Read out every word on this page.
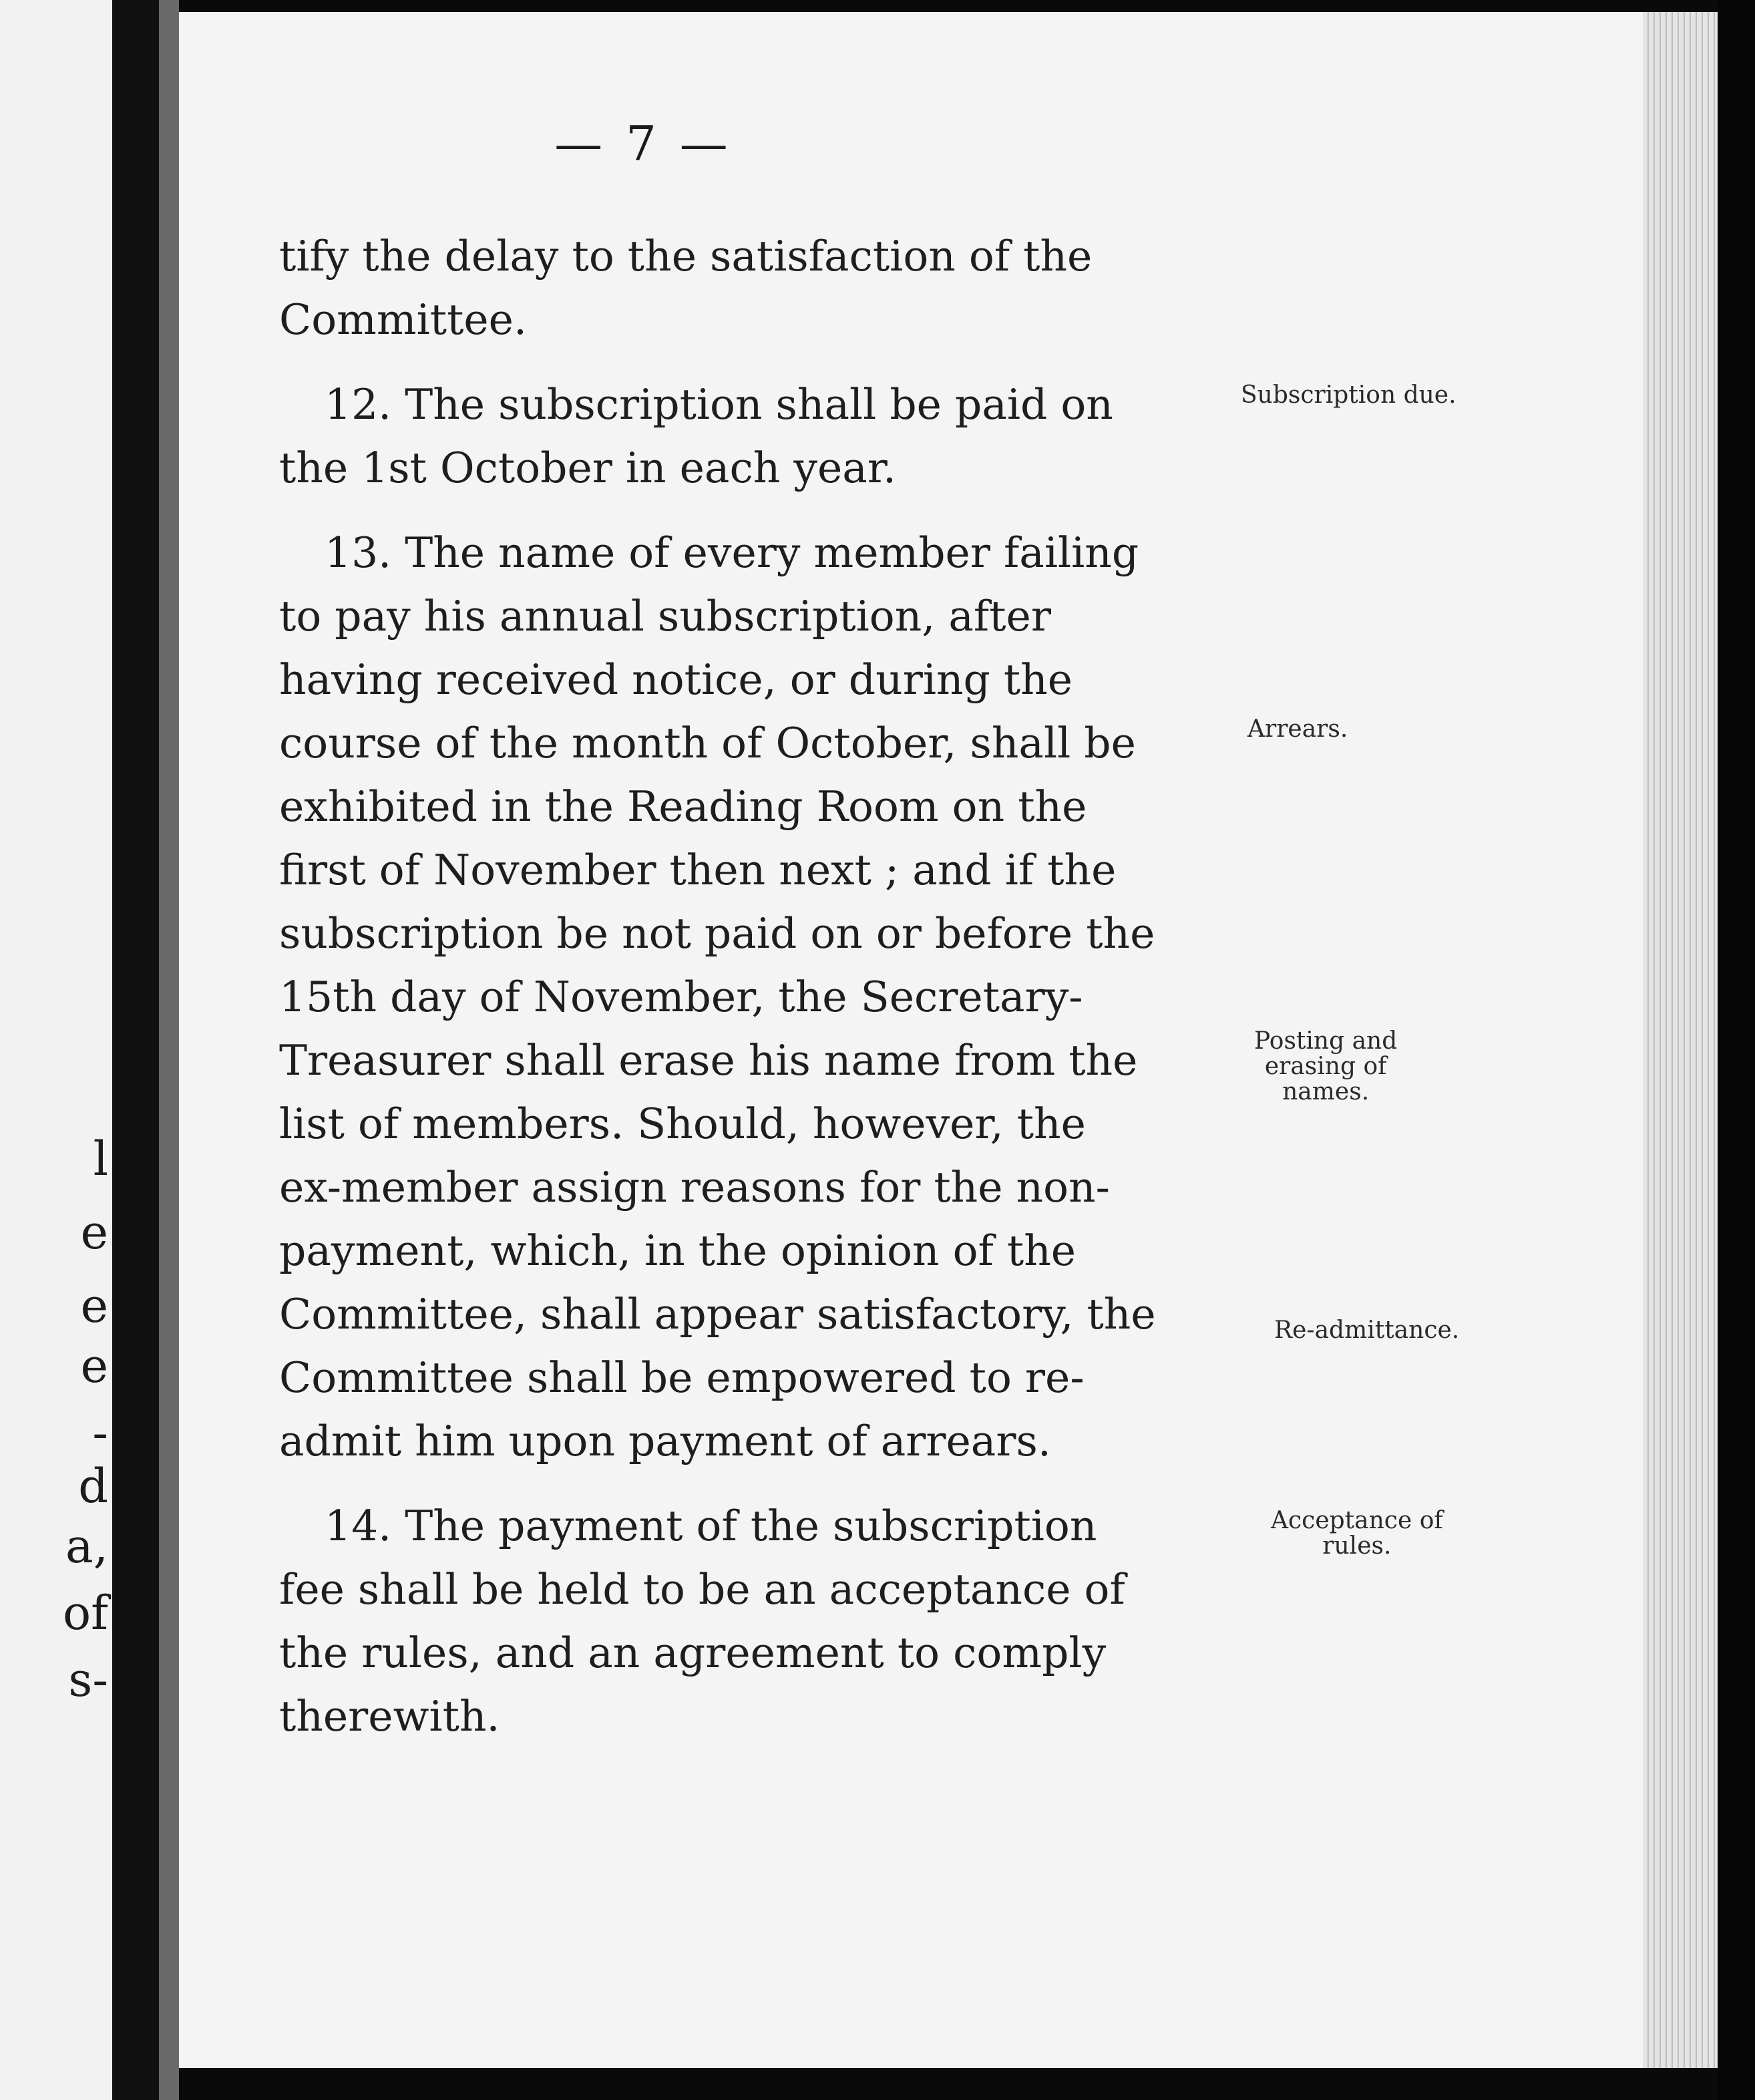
l
e
e
e
-
d
a,
of
s-
— 7 —
tify the delay to the satisfaction of the
Committee.
12. The subscription shall be paid on
the 1st October in each year.
13. The name of every member failing
to pay his annual subscription, after
having received notice, or during the
course of the month of October, shall be
exhibited in the Reading Room on the
first of November then next ; and if the
subscription be not paid on or before the
15th day of November, the Secretary-
Treasurer shall erase his name from the
list of members. Should, however, the
ex-member assign reasons for the non-
payment, which, in the opinion of the
Committee, shall appear satisfactory, the
Committee shall be empowered to re-
admit him upon payment of arrears.
14. The payment of the subscription
fee shall be held to be an acceptance of
the rules, and an agreement to comply
therewith.
Subscription due.
Arrears.
Posting and
erasing of
names.
Re-admittance.
Acceptance of
rules.
